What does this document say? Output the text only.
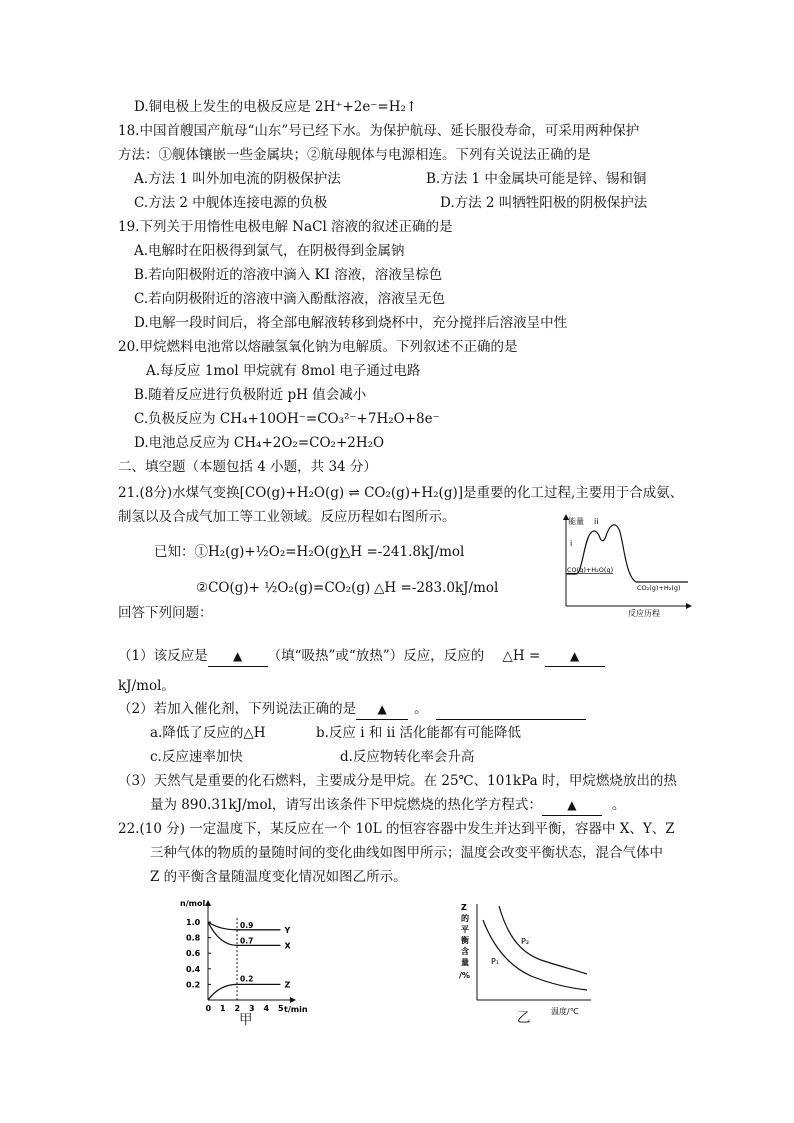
D.铜电极上发生的电极反应是 2H⁺+2e⁻=H₂↑
18.中国首艘国产航母“山东”号已经下水。为保护航母、延长服役寿命，可采用两种保护
方法：①舰体镶嵌一些金属块；②航母舰体与电源相连。下列有关说法正确的是
A.方法 1 叫外加电流的阴极保护法	B.方法 1 中金属块可能是锌、锡和铜
C.方法 2 中舰体连接电源的负极	D.方法 2 叫牺牲阳极的阴极保护法
19.下列关于用惰性电极电解 NaCl 溶液的叙述正确的是
A.电解时在阳极得到氯气，在阴极得到金属钠
B.若向阳极附近的溶液中滴入 KI 溶液，溶液呈棕色
C.若向阴极附近的溶液中滴入酚酞溶液，溶液呈无色
D.电解一段时间后，将全部电解液转移到烧杯中，充分搅拌后溶液呈中性
20.甲烷燃料电池常以熔融氢氧化钠为电解质。下列叙述不正确的是
A.每反应 1mol 甲烷就有 8mol 电子通过电路
B.随着反应进行负极附近 pH 值会减小
C.负极反应为 CH₄+10OH⁻=CO₃²⁻+7H₂O+8e⁻
D.电池总反应为 CH₄+2O₂=CO₂+2H₂O
二、填空题（本题包括 4 小题，共 34 分）
21.(8分)水煤气变换[CO(g)+H₂O(g) ⇌ CO₂(g)+H₂(g)]是重要的化工过程,主要用于合成氨、
制氢以及合成气加工等工业领域。反应历程如右图所示。
已知：①H₂(g)+½O₂=H₂O(g)
△H =-241.8kJ/mol
②CO(g)+ ½O₂(g)=CO₂(g) △H =-283.0kJ/mol
能量
i
ii
CO(g)+H₂O(g)
CO₂(g)+H₂(g)
反应历程
回答下列问题：
（1）该反应是 ▲ （填“吸热”或“放热”）反应，反应的 △H = ▲
kJ/mol。
（2）若加入催化剂，下列说法正确的是 ▲ 。
a.降低了反应的△H	b.反应 i 和 ii 活化能都有可能降低
c.反应速率加快	d.反应物转化率会升高
（3）天然气是重要的化石燃料，主要成分是甲烷。在 25℃、101kPa 时，甲烷燃烧放出的热
量为 890.31kJ/mol，请写出该条件下甲烷燃烧的热化学方程式： ▲	。
22.(10 分) 一定温度下，某反应在一个 10L 的恒容容器中发生并达到平衡，容器中 X、Y、Z
三种气体的物质的量随时间的变化曲线如图甲所示；温度会改变平衡状态，混合气体中
Z 的平衡含量随温度变化情况如图乙所示。
n/mol
t/min
1.0
0.8
0.6
0.4
0.2
0 1 2 3 4 5
Y
X
Z
0.9
0.7
0.2
甲
Z
的
平
衡
含
量
/%
P₂
P₁
温度/℃
乙
